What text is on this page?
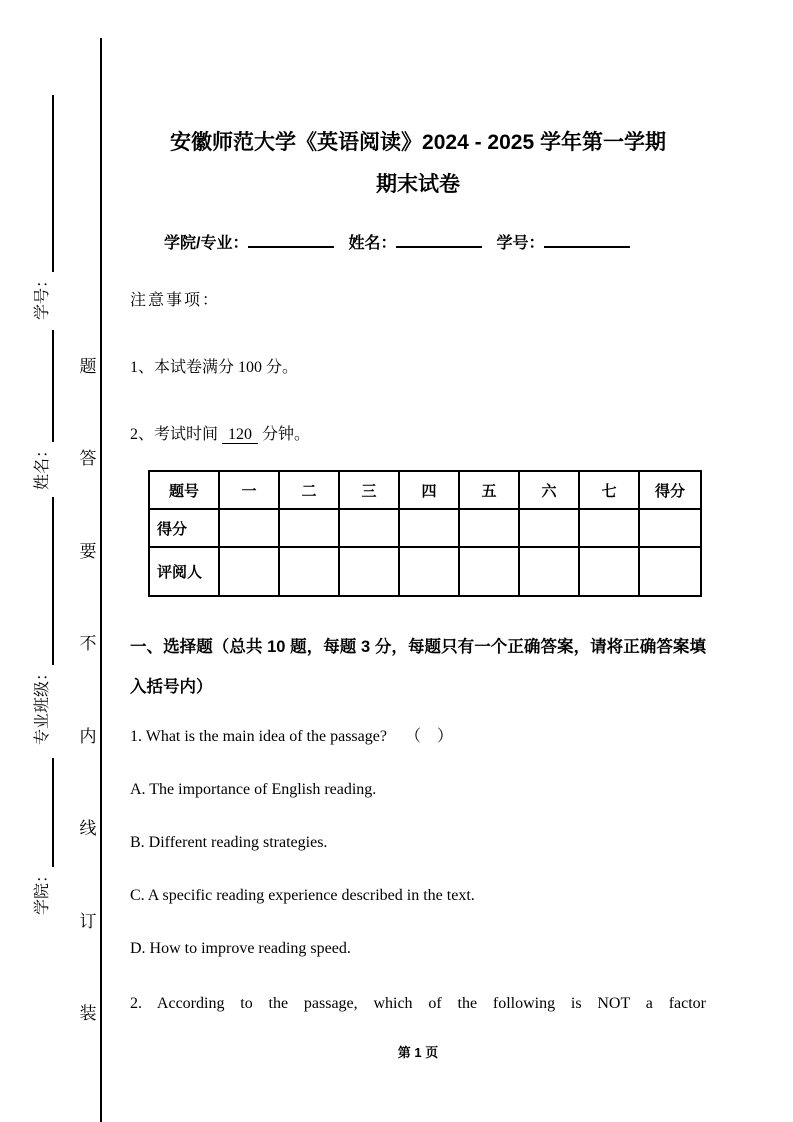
学号：
姓名：
专业班级：
学院：
题
答
要
不
内
线
订
装
安徽师范大学《英语阅读》2024 - 2025 学年第一学期
期末试卷
学院/专业：	姓名：	学号：
注意事项：
1、本试卷满分 100 分。
2、考试时间 120 分钟。
题号	一	二	三	四	五	六	七	得分
得分								
评阅人								
一、选择题（总共 10 题，每题 3 分，每题只有一个正确答案，请将正确答案填入括号内）
1. What is the main idea of the passage? （　）
A. The importance of English reading.
B. Different reading strategies.
C. A specific reading experience described in the text.
D. How to improve reading speed.
2. According to the passage, which of the following is NOT a factor
第 1 页
